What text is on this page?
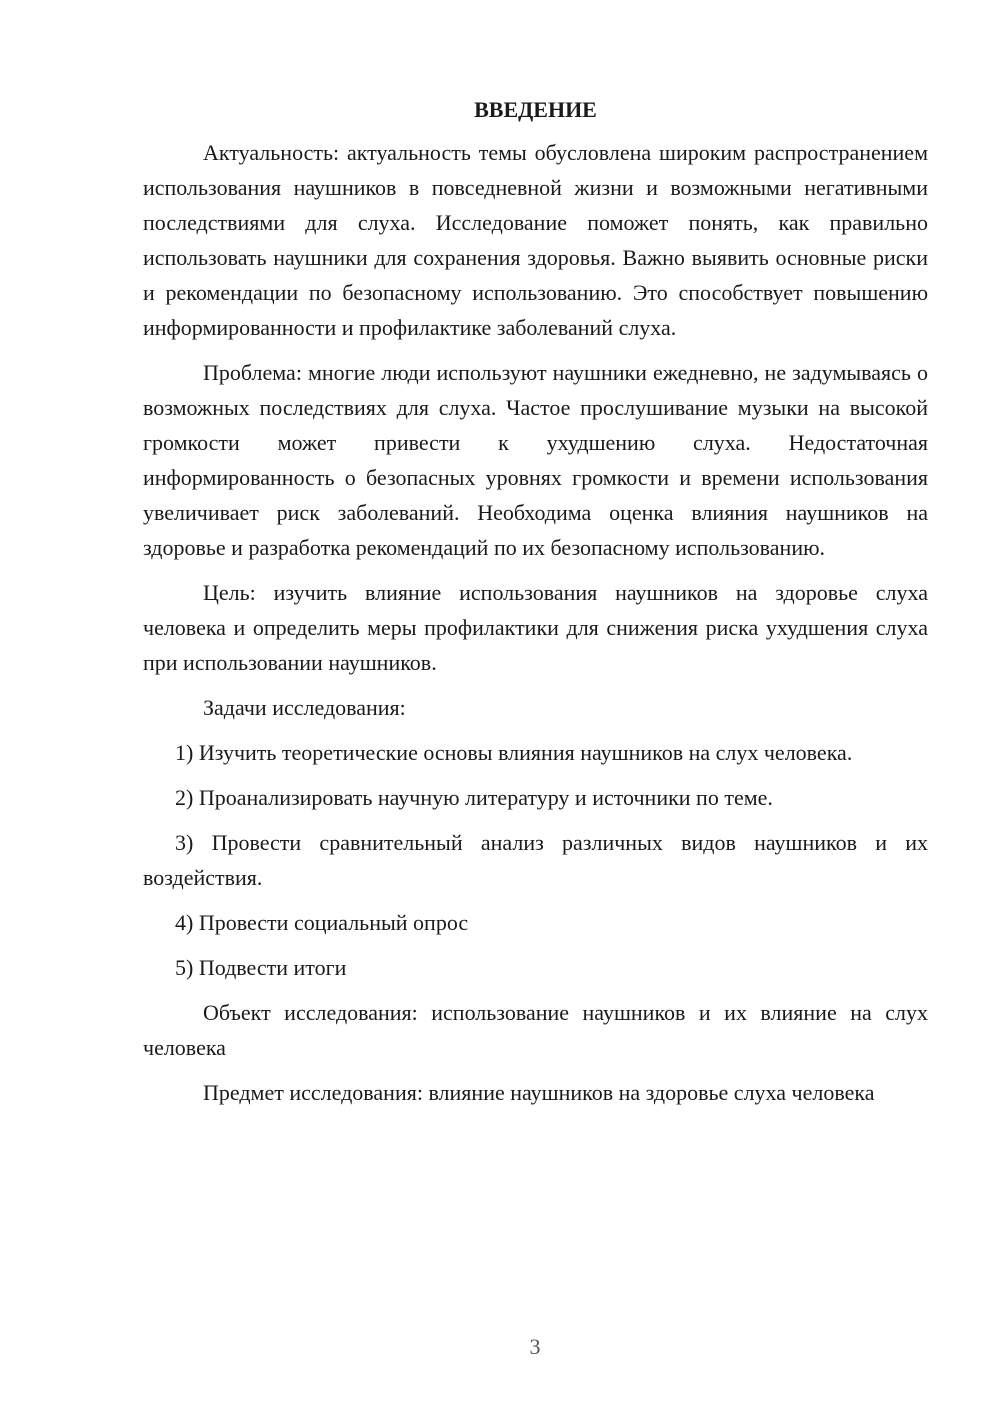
ВВЕДЕНИЕ

Актуальность: актуальность темы обусловлена широким распространением использования наушников в повседневной жизни и возможными негативными последствиями для слуха. Исследование поможет понять, как правильно использовать наушники для сохранения здоровья. Важно выявить основные риски и рекомендации по безопасному использованию. Это способствует повышению информированности и профилактике заболеваний слуха.

Проблема: многие люди используют наушники ежедневно, не задумываясь о возможных последствиях для слуха. Частое прослушивание музыки на высокой громкости может привести к ухудшению слуха. Недостаточная информированность о безопасных уровнях громкости и времени использования увеличивает риск заболеваний. Необходима оценка влияния наушников на здоровье и разработка рекомендаций по их безопасному использованию.

Цель: изучить влияние использования наушников на здоровье слуха человека и определить меры профилактики для снижения риска ухудшения слуха при использовании наушников.

Задачи исследования:

1) Изучить теоретические основы влияния наушников на слух человека.

2) Проанализировать научную литературу и источники по теме.

3) Провести сравнительный анализ различных видов наушников и их воздействия.

4) Провести социальный опрос

5) Подвести итоги

Объект исследования: использование наушников и их влияние на слух человека

Предмет исследования: влияние наушников на здоровье слуха человека

3
